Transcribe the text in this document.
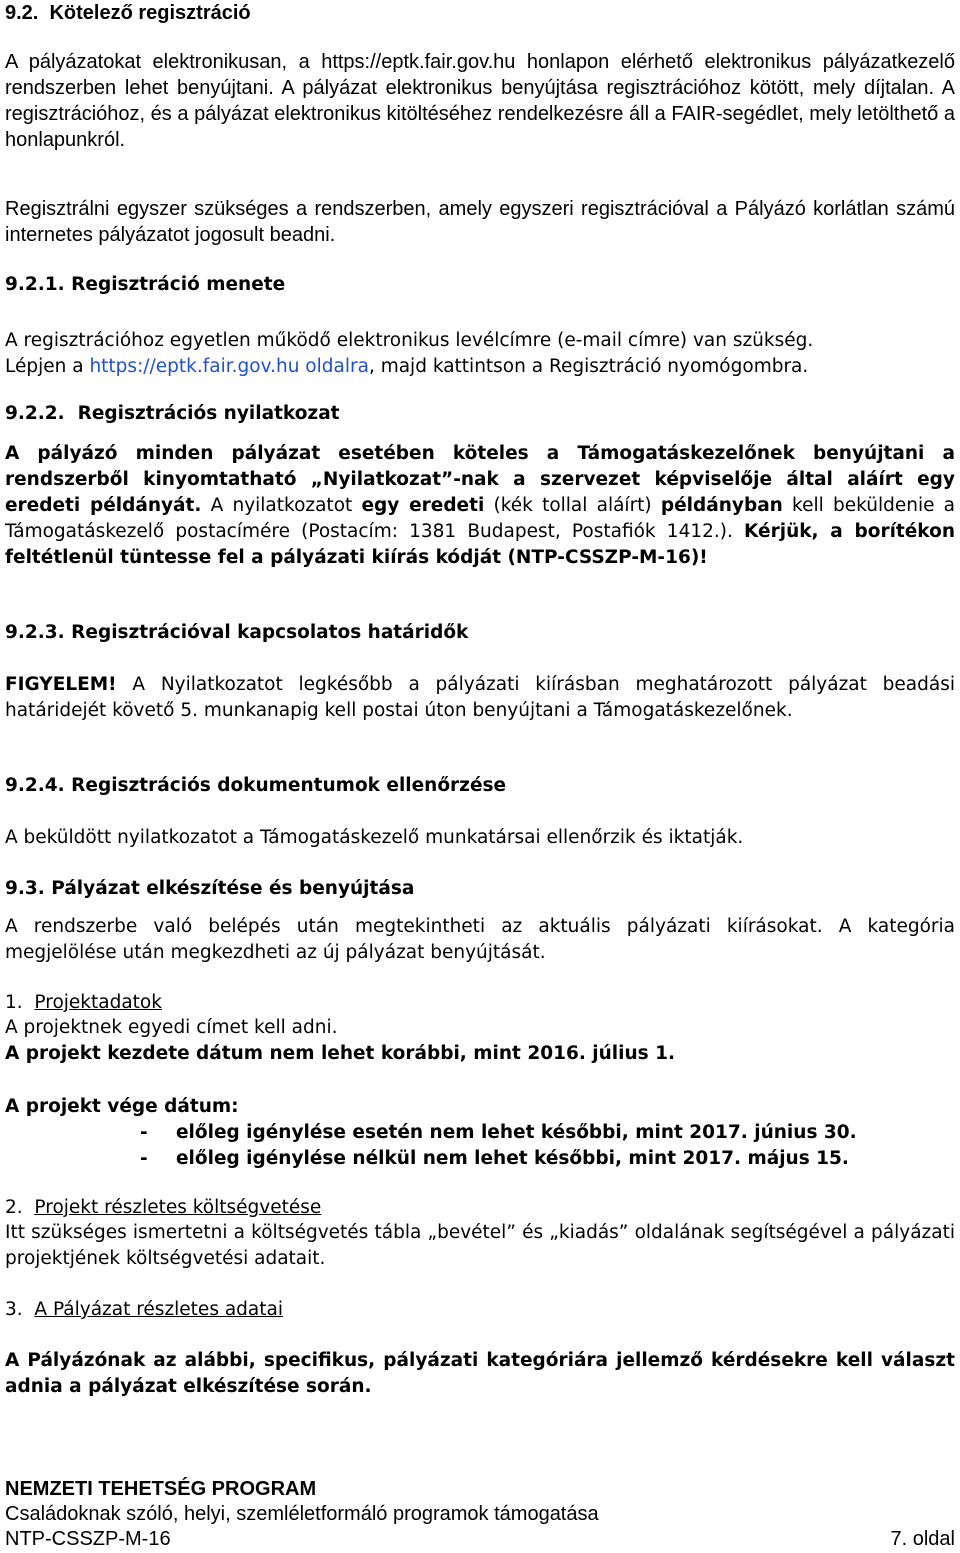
9.2. Kötelező regisztráció

A pályázatokat elektronikusan, a https://eptk.fair.gov.hu honlapon elérhető elektronikus pályázatkezelő rendszerben lehet benyújtani. A pályázat elektronikus benyújtása regisztrációhoz kötött, mely díjtalan. A regisztrációhoz, és a pályázat elektronikus kitöltéséhez rendelkezésre áll a FAIR-segédlet, mely letölthető a honlapunkról.

Regisztrálni egyszer szükséges a rendszerben, amely egyszeri regisztrációval a Pályázó korlátlan számú internetes pályázatot jogosult beadni.

9.2.1. Regisztráció menete

A regisztrációhoz egyetlen működő elektronikus levélcímre (e-mail címre) van szükség.

Lépjen a https://eptk.fair.gov.hu oldalra, majd kattintson a Regisztráció nyomógombra.

9.2.2. Regisztrációs nyilatkozat

A pályázó minden pályázat esetében köteles a Támogatáskezelőnek benyújtani a rendszerből kinyomtatható „Nyilatkozat”-nak a szervezet képviselője által aláírt egy eredeti példányát. A nyilatkozatot egy eredeti (kék tollal aláírt) példányban kell beküldenie a Támogatáskezelő postacímére (Postacím: 1381 Budapest, Postafiók 1412.). Kérjük, a borítékon feltétlenül tüntesse fel a pályázati kiírás kódját (NTP-CSSZP-M-16)!

9.2.3. Regisztrációval kapcsolatos határidők

FIGYELEM! A Nyilatkozatot legkésőbb a pályázati kiírásban meghatározott pályázat beadási határidejét követő 5. munkanapig kell postai úton benyújtani a Támogatáskezelőnek.

9.2.4. Regisztrációs dokumentumok ellenőrzése

A beküldött nyilatkozatot a Támogatáskezelő munkatársai ellenőrzik és iktatják.

9.3. Pályázat elkészítése és benyújtása

A rendszerbe való belépés után megtekintheti az aktuális pályázati kiírásokat. A kategória megjelölése után megkezdheti az új pályázat benyújtását.

1. Projektadatok
A projektnek egyedi címet kell adni.
A projekt kezdete dátum nem lehet korábbi, mint 2016. július 1.
A projekt vége dátum:
- előleg igénylése esetén nem lehet későbbi, mint 2017. június 30.
- előleg igénylése nélkül nem lehet későbbi, mint 2017. május 15.
2. Projekt részletes költségvetése

Itt szükséges ismertetni a költségvetés tábla „bevétel” és „kiadás” oldalának segítségével a pályázati projektjének költségvetési adatait.

3. A Pályázat részletes adatai

A Pályázónak az alábbi, specifikus, pályázati kategóriára jellemző kérdésekre kell választ adnia a pályázat elkészítése során.

NEMZETI TEHETSÉG PROGRAM
Családoknak szóló, helyi, szemléletformáló programok támogatása
NTP-CSSZP-M-16	7. oldal
